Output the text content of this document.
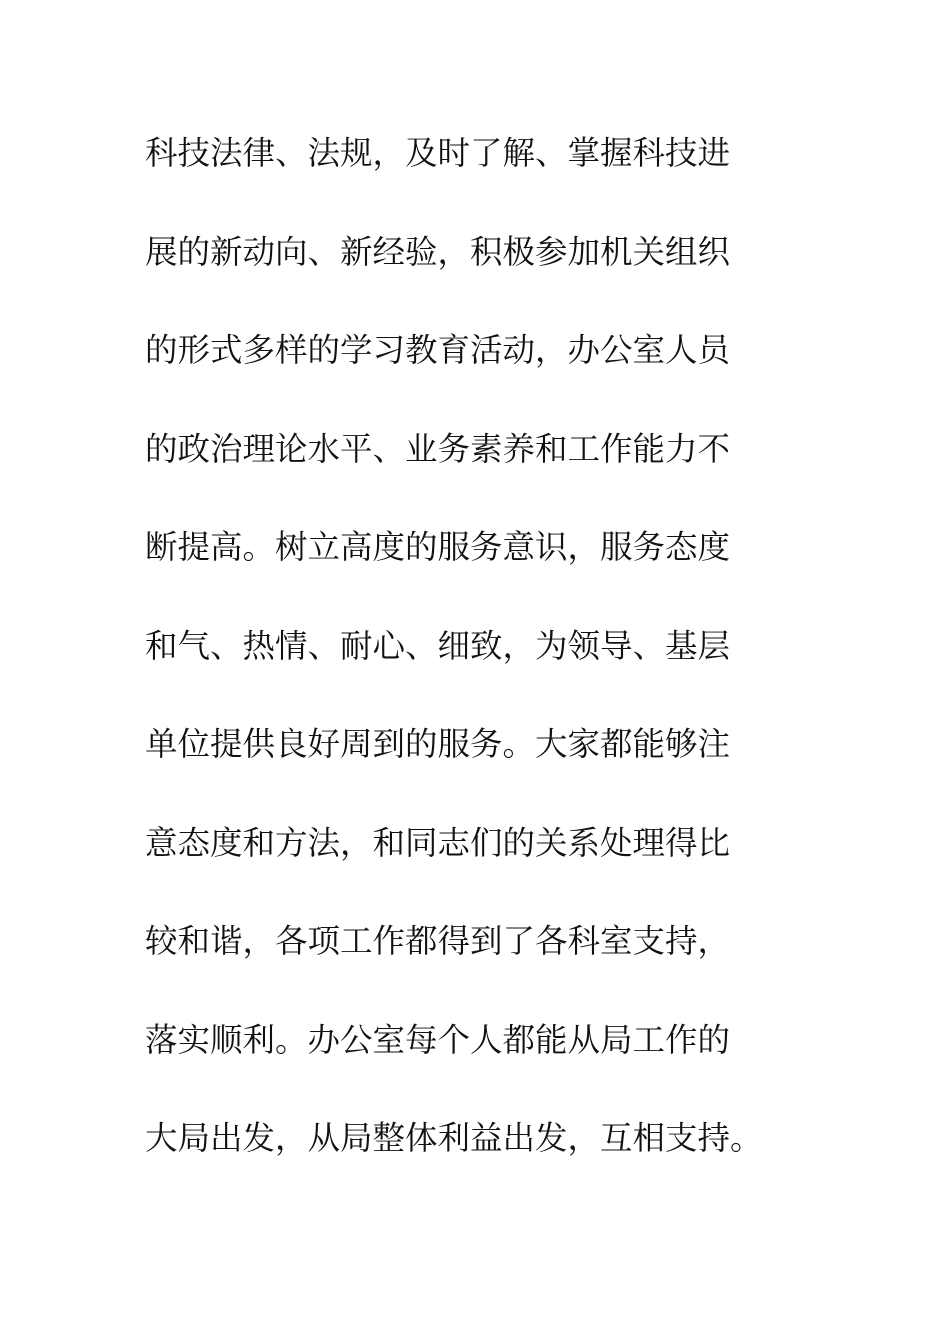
科技法律、法规，及时了解、掌握科技进
展的新动向、新经验，积极参加机关组织
的形式多样的学习教育活动，办公室人员
的政治理论水平、业务素养和工作能力不
断提高。树立高度的服务意识，服务态度
和气、热情、耐心、细致，为领导、基层
单位提供良好周到的服务。大家都能够注
意态度和方法，和同志们的关系处理得比
较和谐，各项工作都得到了各科室支持，
落实顺利。办公室每个人都能从局工作的
大局出发，从局整体利益出发，互相支持。
